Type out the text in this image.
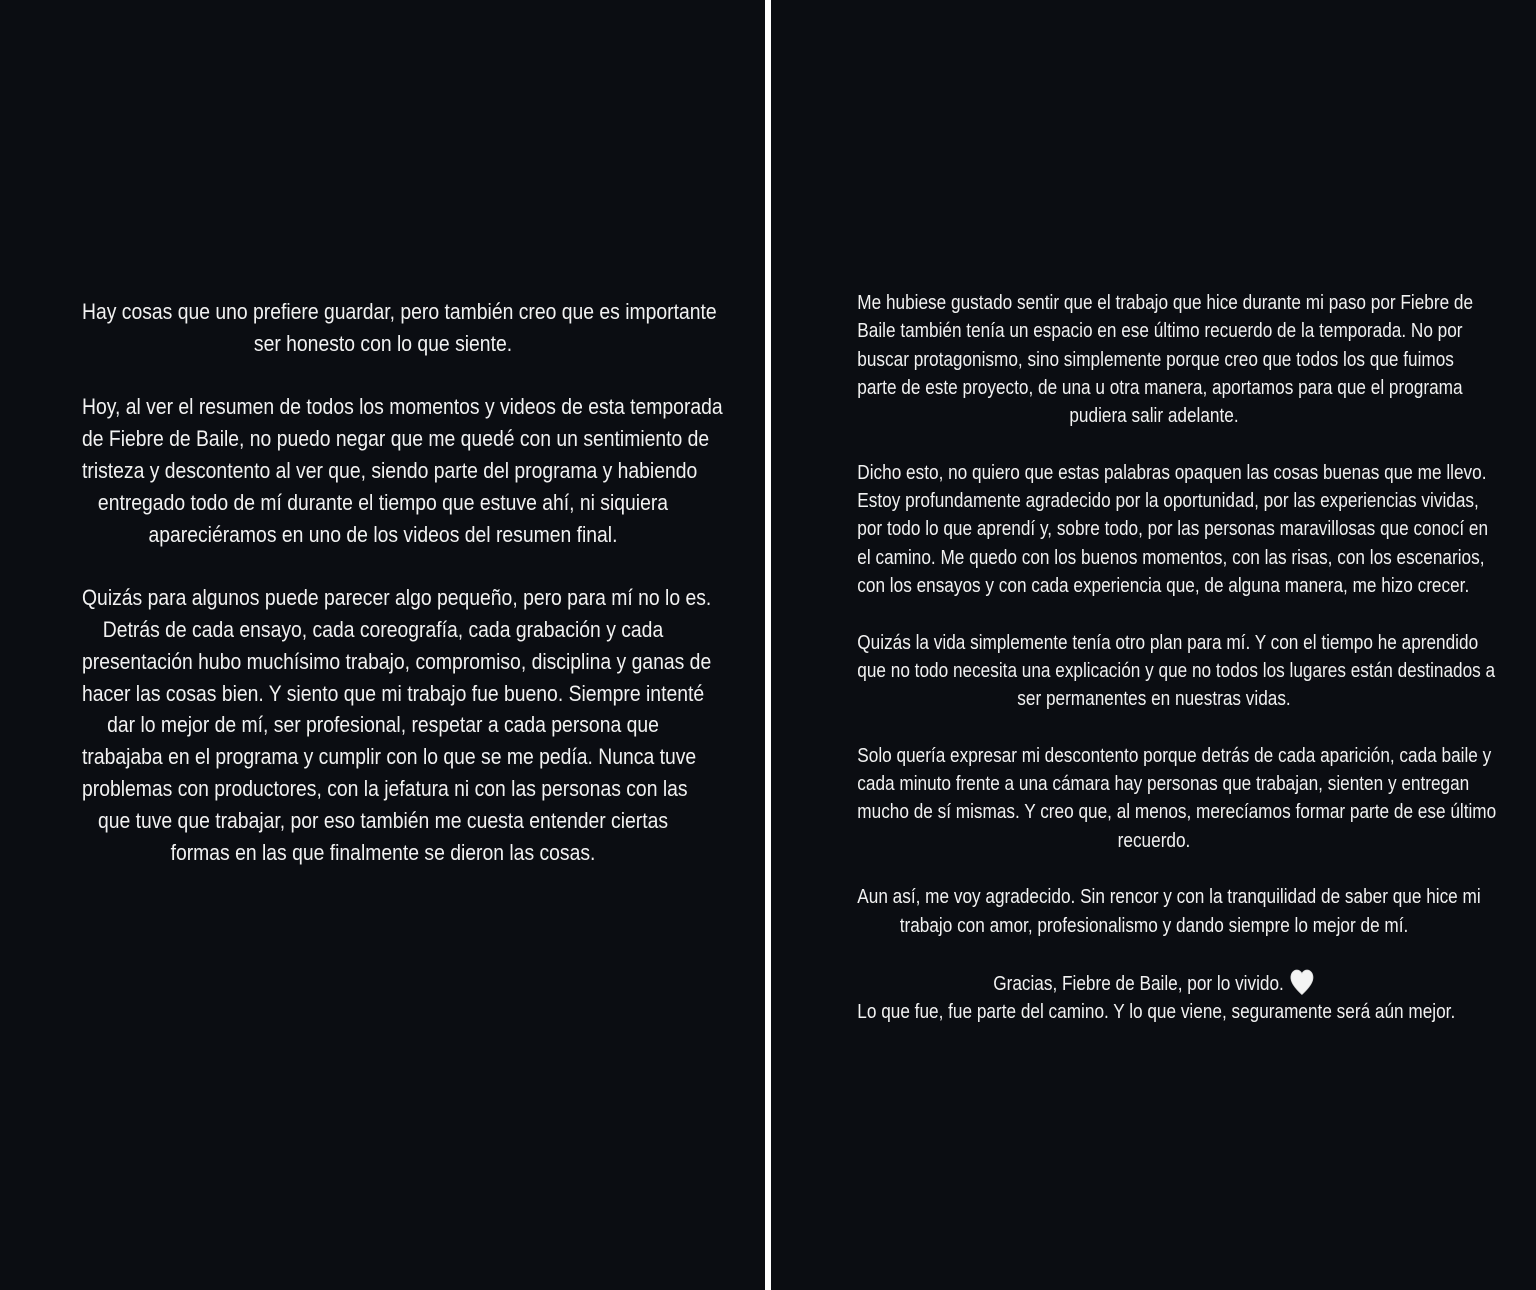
Hay cosas que uno prefiere guardar, pero también creo que es importante
ser honesto con lo que siente.

Hoy, al ver el resumen de todos los momentos y videos de esta temporada
de Fiebre de Baile, no puedo negar que me quedé con un sentimiento de
tristeza y descontento al ver que, siendo parte del programa y habiendo
entregado todo de mí durante el tiempo que estuve ahí, ni siquiera
apareciéramos en uno de los videos del resumen final.

Quizás para algunos puede parecer algo pequeño, pero para mí no lo es.
Detrás de cada ensayo, cada coreografía, cada grabación y cada
presentación hubo muchísimo trabajo, compromiso, disciplina y ganas de
hacer las cosas bien. Y siento que mi trabajo fue bueno. Siempre intenté
dar lo mejor de mí, ser profesional, respetar a cada persona que
trabajaba en el programa y cumplir con lo que se me pedía. Nunca tuve
problemas con productores, con la jefatura ni con las personas con las
que tuve que trabajar, por eso también me cuesta entender ciertas
formas en las que finalmente se dieron las cosas.

Me hubiese gustado sentir que el trabajo que hice durante mi paso por Fiebre de
Baile también tenía un espacio en ese último recuerdo de la temporada. No por
buscar protagonismo, sino simplemente porque creo que todos los que fuimos
parte de este proyecto, de una u otra manera, aportamos para que el programa
pudiera salir adelante.

Dicho esto, no quiero que estas palabras opaquen las cosas buenas que me llevo.
Estoy profundamente agradecido por la oportunidad, por las experiencias vividas,
por todo lo que aprendí y, sobre todo, por las personas maravillosas que conocí en
el camino. Me quedo con los buenos momentos, con las risas, con los escenarios,
con los ensayos y con cada experiencia que, de alguna manera, me hizo crecer.

Quizás la vida simplemente tenía otro plan para mí. Y con el tiempo he aprendido
que no todo necesita una explicación y que no todos los lugares están destinados a
ser permanentes en nuestras vidas.

Solo quería expresar mi descontento porque detrás de cada aparición, cada baile y
cada minuto frente a una cámara hay personas que trabajan, sienten y entregan
mucho de sí mismas. Y creo que, al menos, merecíamos formar parte de ese último
recuerdo.

Aun así, me voy agradecido. Sin rencor y con la tranquilidad de saber que hice mi
trabajo con amor, profesionalismo y dando siempre lo mejor de mí.

Gracias, Fiebre de Baile, por lo vivido.
Lo que fue, fue parte del camino. Y lo que viene, seguramente será aún mejor.
